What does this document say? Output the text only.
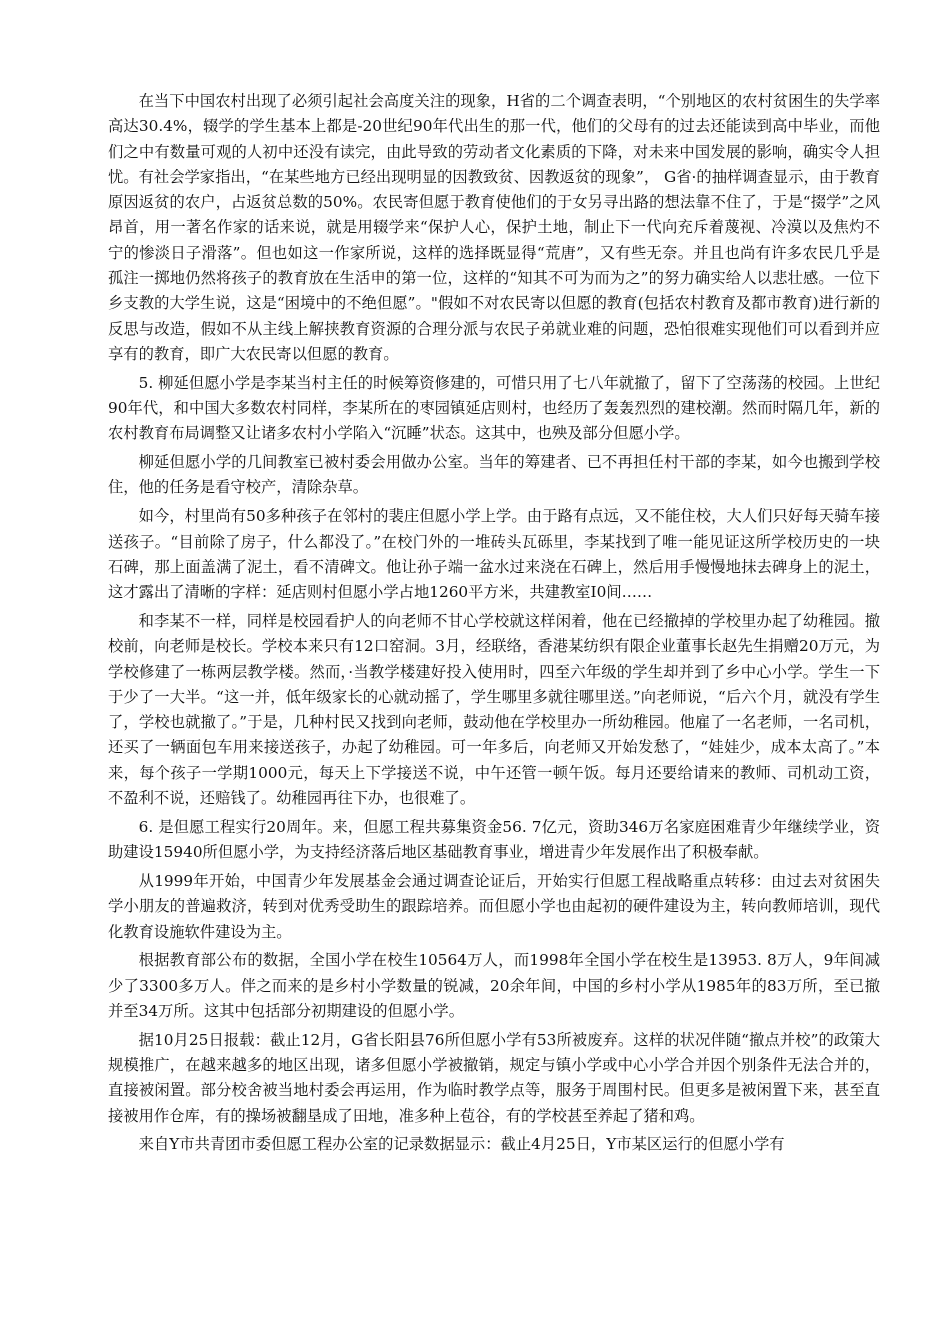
在当下中国农村出现了必须引起社会高度关注的现象，H省的二个调查表明，“个别地区的农村贫困生的失学率高达30.4%，辍学的学生基本上都是-20世纪90年代出生的那一代，他们的父母有的过去还能读到高中毕业，而他们之中有数量可观的人初中还没有读完，由此导致的劳动者文化素质的下降，对未来中国发展的影响，确实令人担忧。有社会学家指出，“在某些地方已经出现明显的因教致贫、因教返贫的现象”， G省·的抽样调查显示，由于教育原因返贫的农户，占返贫总数的50%。农民寄但愿于教育使他们的于女另寻出路的想法靠不住了，于是“掇学”之风昂首，用一著名作家的话来说，就是用辍学来“保护人心，保护土地，制止下一代向充斥着蔑视、冷漠以及焦灼不宁的惨淡日子滑落”。但也如这一作家所说，这样的选择既显得“荒唐”，又有些无奈。并且也尚有许多农民几乎是孤注一掷地仍然将孩子的教育放在生活申的第一位，这样的“知其不可为而为之”的努力确实给人以悲壮感。一位下乡支教的大学生说，这是“困境中的不绝但愿”。"假如不对农民寄以但愿的教育(包括农村教育及都市教育)进行新的反思与改造，假如不从主线上解挟教育资源的合理分派与农民子弟就业难的问题，恐怕很难实现他们可以看到并应享有的教育，即广大农民寄以但愿的教育。

5. 柳延但愿小学是李某当村主任的时候筹资修建的，可惜只用了七八年就撤了，留下了空荡荡的校园。上世纪90年代，和中国大多数农村同样，李某所在的枣园镇延店则村，也经历了轰轰烈烈的建校潮。然而时隔几年，新的农村教育布局调整又让诸多农村小学陷入“沉睡”状态。这其中，也殃及部分但愿小学。

柳延但愿小学的几间教室已被村委会用做办公室。当年的筹建者、已不再担任村干部的李某，如今也搬到学校住，他的任务是看守校产，清除杂草。

如今，村里尚有50多种孩子在邻村的裴庄但愿小学上学。由于路有点远，又不能住校，大人们只好每天骑车接送孩子。“目前除了房子，什么都没了。”在校门外的一堆砖头瓦砾里，李某找到了唯一能见证这所学校历史的一块石碑，那上面盖满了泥土，看不清碑文。他让孙子端一盆水过来浇在石碑上，然后用手慢慢地抹去碑身上的泥土，这才露出了清晰的字样：延店则村但愿小学占地1260平方米，共建教室I0间……

和李某不一样，同样是校园看护人的向老师不甘心学校就这样闲着，他在已经撤掉的学校里办起了幼稚园。撤校前，向老师是校长。学校本来只有12口窑洞。3月，经联络，香港某纺织有限企业董事长赵先生捐赠20万元，为学校修建了一栋两层教学楼。然而，·当教学楼建好投入使用时，四至六年级的学生却并到了乡中心小学。学生一下于少了一大半。“这一并，低年级家长的心就动摇了，学生哪里多就往哪里送。”向老师说，“后六个月，就没有学生了，学校也就撤了。”于是，几种村民又找到向老师，鼓动他在学校里办一所幼稚园。他雇了一名老师，一名司机，还买了一辆面包车用来接送孩子，办起了幼稚园。可一年多后，向老师又开始发愁了，“娃娃少，成本太高了。”本来，每个孩子一学期1000元，每天上下学接送不说，中午还管一顿午饭。每月还要给请来的教师、司机动工资，不盈利不说，还赔钱了。幼稚园再往下办，也很难了。

6. 是但愿工程实行20周年。来，但愿工程共募集资金56. 7亿元，资助346万名家庭困难青少年继续学业，资助建设15940所但愿小学，为支持经济落后地区基础教育事业，增进青少年发展作出了积极奉献。

从1999年开始，中国青少年发展基金会通过调查论证后，开始实行但愿工程战略重点转移：由过去对贫困失学小朋友的普遍救济，转到对优秀受助生的跟踪培养。而但愿小学也由起初的硬件建设为主，转向教师培训，现代化教育设施软件建设为主。

根据教育部公布的数据，全国小学在校生10564万人，而1998年全国小学在校生是13953. 8万人，9年间减少了3300多万人。伴之而来的是乡村小学数量的锐减，20余年间，中国的乡村小学从1985年的83万所，至已撤并至34万所。这其中包括部分初期建设的但愿小学。

据10月25日报载：截止12月，G省长阳县76所但愿小学有53所被废弃。这样的状况伴随“撤点并校”的政策大规模推广，在越来越多的地区出现，诸多但愿小学被撤销，规定与镇小学或中心小学合并因个别条件无法合并的，直接被闲置。部分校舍被当地村委会再运用，作为临时教学点等，服务于周围村民。但更多是被闲置下来，甚至直接被用作仓库，有的操场被翻垦成了田地，准多种上苞谷，有的学校甚至养起了猪和鸡。

来自Y市共青团市委但愿工程办公室的记录数据显示：截止4月25日，Y市某区运行的但愿小学有
